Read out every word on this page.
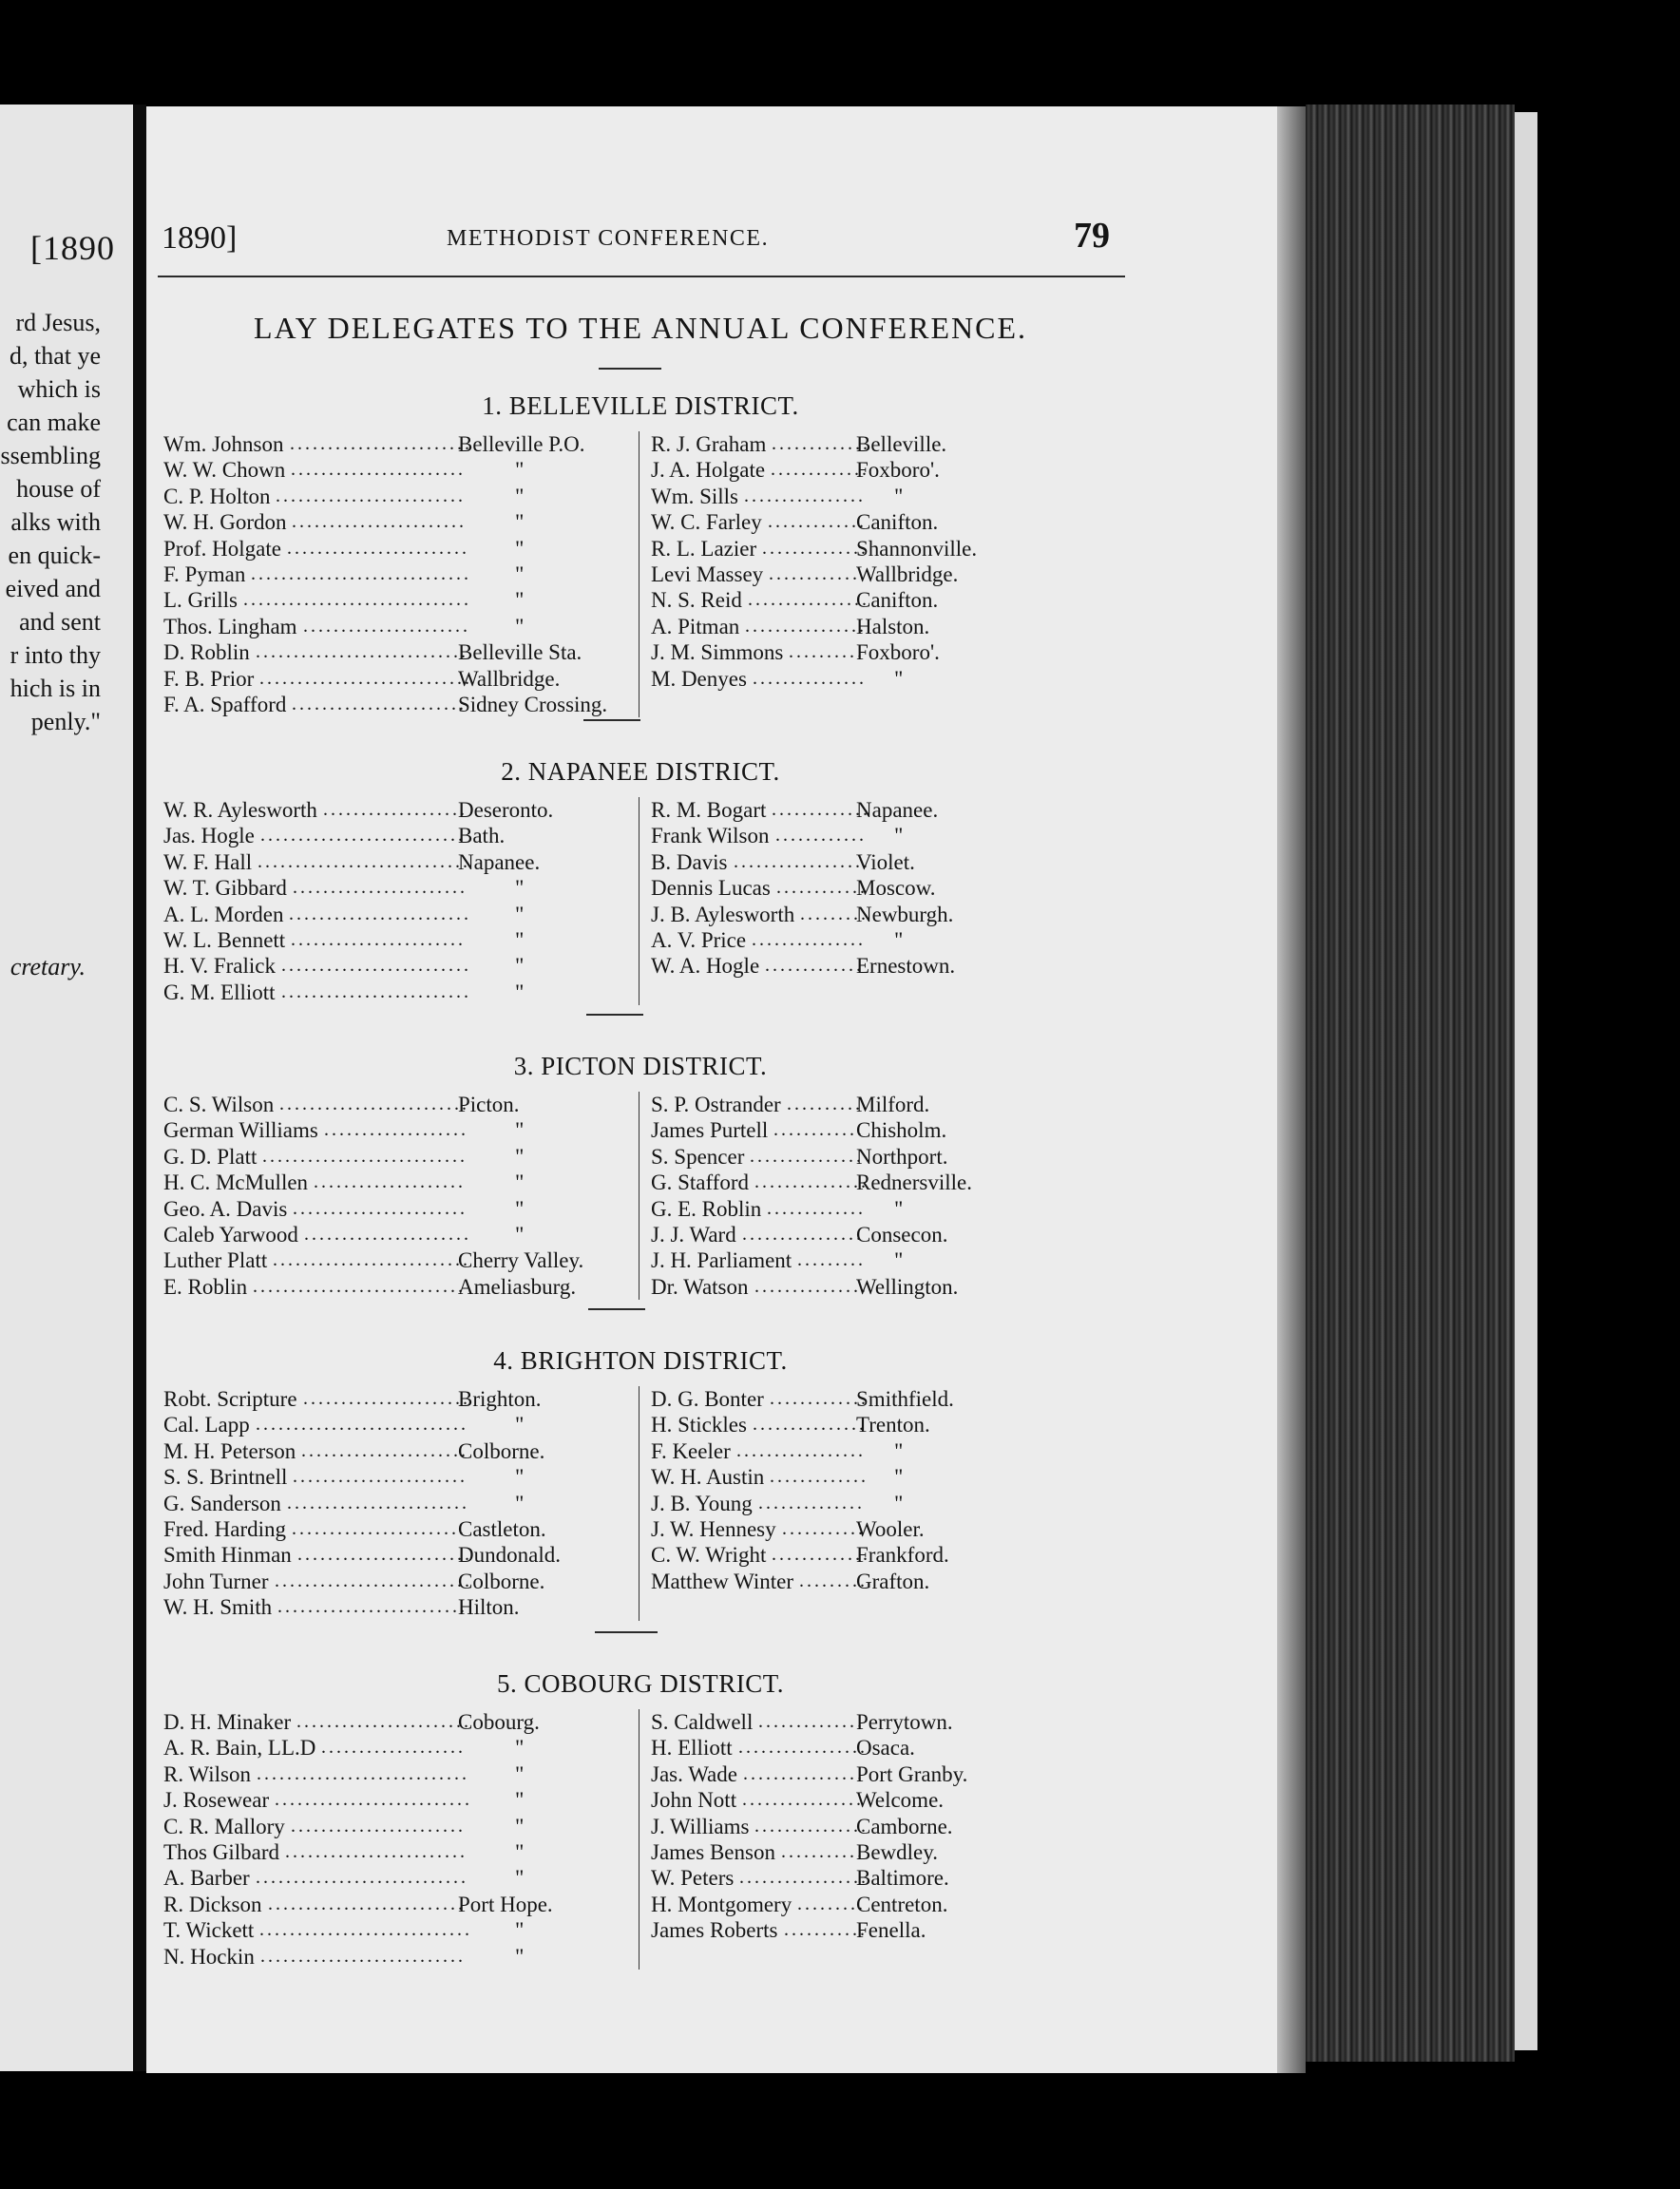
[1890
rd Jesus,
d, that ye
which is
can make
ssembling
house of
alks with
en quick-
eived and
and sent
r into thy
hich is in
penly."
cretary.
1890]	METHODIST CONFERENCE.	79
LAY DELEGATES TO THE ANNUAL CONFERENCE.
1. BELLEVILLE DISTRICT.
Wm. Johnson ........................
Belleville P.O.
W. W. Chown ....................... "
C. P. Holton ......................... "
W. H. Gordon ....................... "
Prof. Holgate ........................ "
F. Pyman ............................. "
L. Grills .............................. "
Thos. Lingham ...................... "
D. Roblin ............................
Belleville Sta.
F. B. Prior ............................
Wallbridge.
F. A. Spafford .......................
Sidney Crossing.
R. J. Graham .............
Belleville.
J. A. Holgate .............
Foxboro'.
Wm. Sills ................ "
W. C. Farley .............
Canifton.
R. L. Lazier ..............
Shannonville.
Levi Massey .............
Wallbridge.
N. S. Reid ................
Canifton.
A. Pitman ................
Halston.
J. M. Simmons ..........
Foxboro'.
M. Denyes ............... "
2. NAPANEE DISTRICT.
W. R. Aylesworth ...................
Deseronto.
Jas. Hogle ...........................
Bath.
W. F. Hall ............................
Napanee.
W. T. Gibbard ....................... "
A. L. Morden ........................ "
W. L. Bennett ....................... "
H. V. Fralick ......................... "
G. M. Elliott ......................... "
R. M. Bogart .............
Napanee.
Frank Wilson ............ "
B. Davis ..................
Violet.
Dennis Lucas ............
Moscow.
J. B. Aylesworth .........
Newburgh.
A. V. Price ............... "
W. A. Hogle .............
Ernestown.
3. PICTON DISTRICT.
C. S. Wilson .........................
Picton.
German Williams ................... "
G. D. Platt ........................... "
H. C. McMullen .................... "
Geo. A. Davis ....................... "
Caleb Yarwood ...................... "
Luther Platt ..........................
Cherry Valley.
E. Roblin ............................
Ameliasburg.
S. P. Ostrander ...........
Milford.
James Purtell ............
Chisholm.
S. Spencer ...............
Northport.
G. Stafford ...............
Rednersville.
G. E. Roblin ............. "
J. J. Ward ................
Consecon.
J. H. Parliament ......... "
Dr. Watson ...............
Wellington.
4. BRIGHTON DISTRICT.
Robt. Scripture ......................
Brighton.
Cal. Lapp ............................ "
M. H. Peterson ......................
Colborne.
S. S. Brintnell ....................... "
G. Sanderson ........................ "
Fred. Harding .......................
Castleton.
Smith Hinman .......................
Dundonald.
John Turner ..........................
Colborne.
W. H. Smith .........................
Hilton.
D. G. Bonter .............
Smithfield.
H. Stickles ...............
Trenton.
F. Keeler ................. "
W. H. Austin ............. "
J. B. Young .............. "
J. W. Hennesy ...........
Wooler.
C. W. Wright .............
Frankford.
Matthew Winter .........
Grafton.
5. COBOURG DISTRICT.
D. H. Minaker .......................
Cobourg.
A. R. Bain, LL.D ................... "
R. Wilson ............................ "
J. Rosewear .......................... "
C. R. Mallory ....................... "
Thos Gilbard ........................ "
A. Barber ............................ "
R. Dickson ..........................
Port Hope.
T. Wickett ............................ "
N. Hockin ........................... "
S. Caldwell ..............
Perrytown.
H. Elliott .................
Osaca.
Jas. Wade ................
Port Granby.
John Nott ................
Welcome.
J. Williams ...............
Camborne.
James Benson ...........
Bewdley.
W. Peters .................
Baltimore.
H. Montgomery .........
Centreton.
James Roberts ...........
Fenella.
